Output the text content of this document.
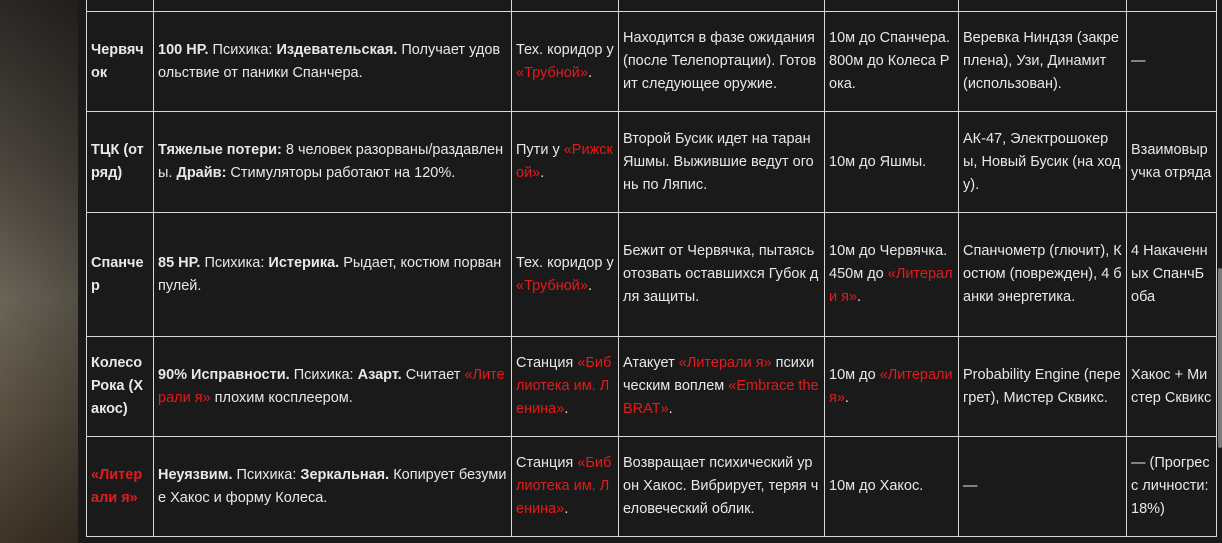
Червячок	100 HP. Психика: Издевательская. Получает удовольствие от паники Спанчера.	Тех. коридор у «Трубной».	Находится в фазе ожидания (после Телепортации). Готовит следующее оружие.	10м до Спанчера. 800м до Колеса Рока.	Веревка Ниндзя (закреплена), Узи, Динамит (использован).	—
ТЦК (отряд)	Тяжелые потери: 8 человек разорваны/раздавлены. Драйв: Стимуляторы работают на 120%.	Пути у «Рижской».	Второй Бусик идет на таран Яшмы. Выжившие ведут огонь по Ляпис.	10м до Яшмы.	АК-47, Электрошокеры, Новый Бусик (на ходу).	Взаимовыручка отряда
Спанчер	85 HP. Психика: Истерика. Рыдает, костюм порван пулей.	Тех. коридор у «Трубной».	Бежит от Червячка, пытаясь отозвать оставшихся Губок для защиты.	10м до Червячка. 450м до «Литерали я».	Спанчометр (глючит), Костюм (поврежден), 4 банки энергетика.	4 Накаченных СпанчБоба
Колесо Рока (Хакос)	90% Исправности. Психика: Азарт. Считает «Литерали я» плохим косплеером.	Станция «Библиотека им. Ленина».	Атакует «Литерали я» психическим воплем «Embrace the BRAT».	10м до «Литерали я».	Probability Engine (перегрет), Мистер Сквикс.	Хакос + Мистер Сквикс
«Литерали я»	Неуязвим. Психика: Зеркальная. Копирует безумие Хакос и форму Колеса.	Станция «Библиотека им. Ленина».	Возвращает психический урон Хакос. Вибрирует, теряя человеческий облик.	10м до Хакос.	—	— (Прогресс личности: 18%)
